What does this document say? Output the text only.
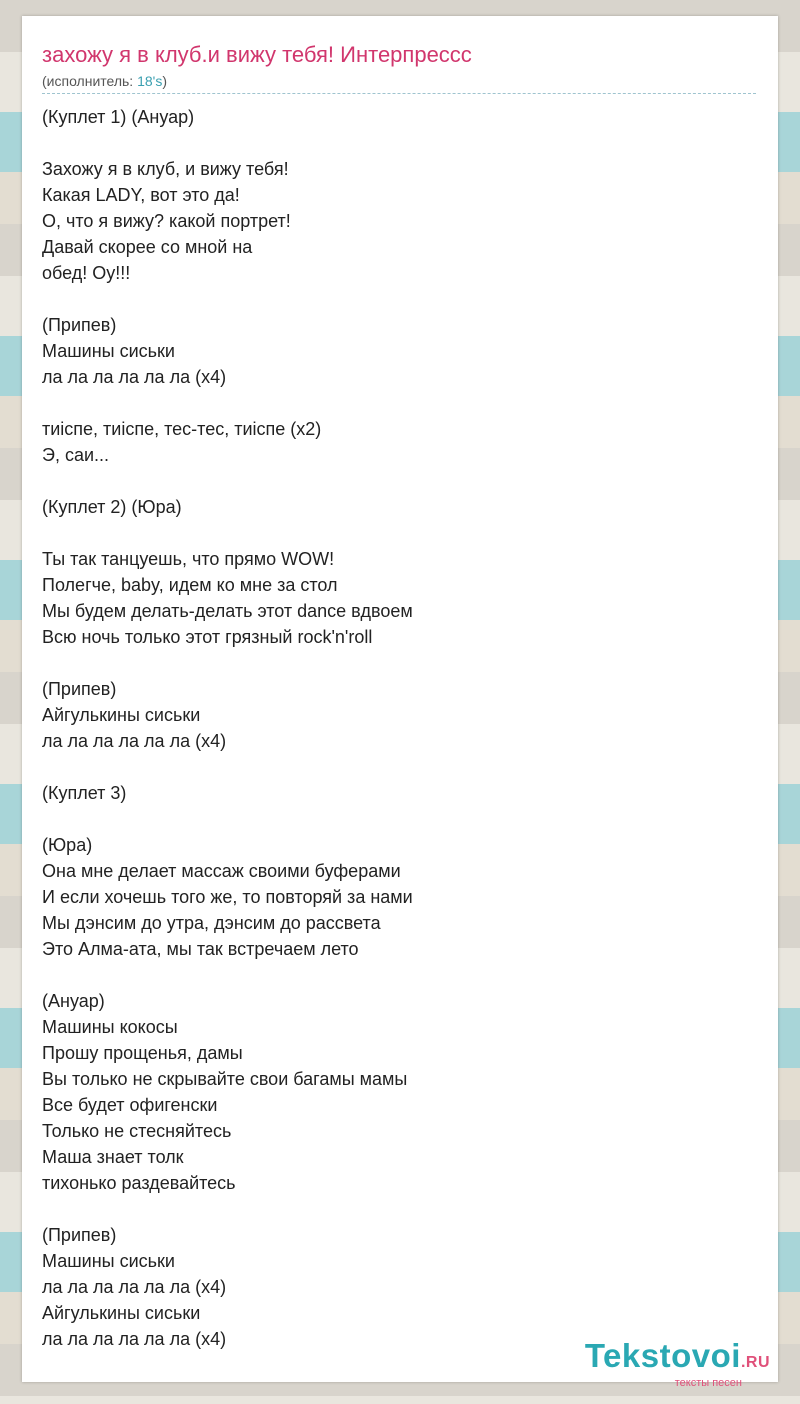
захожу я в клуб.и вижу тебя! Интерпресcс
(исполнитель: 18's)
(Куплет 1) (Ануар)

Захожу я в клуб, и вижу тебя!
Какая LADY, вот это да!
О, что я вижу? какой портрет!
Давай скорее со мной на
обед! Оу!!!

(Припев)
Машины сиськи
ла ла ла ла ла ла (х4)

тиіспе, тиіспе, тес-тес, тиіспе (х2)
Э, саи...

(Куплет 2) (Юра)

Ты так танцуешь, что прямо WOW!
Полегче, baby, идем ко мне за стол
Мы будем делать-делать этот dance вдвоем
Всю ночь только этот грязный rock'n'roll

(Припев)
Айгулькины сиськи
ла ла ла ла ла ла (х4)

(Куплет 3)

(Юра)
Она мне делает массаж своими буферами
И если хочешь того же, то повторяй за нами
Мы дэнсим до утра, дэнсим до рассвета
Это Алма-ата, мы так встречаем лето

(Ануар)
Машины кокосы
Прошу прощенья, дамы
Вы только не скрывайте свои багамы мамы
Все будет офигенски
Только не стесняйтесь
Маша знает толк
тихонько раздевайтесь

(Припев)
Машины сиськи
ла ла ла ла ла ла (х4)
Айгулькины сиськи
ла ла ла ла ла ла (х4)	Tekstovoi.RU
тексты песен
